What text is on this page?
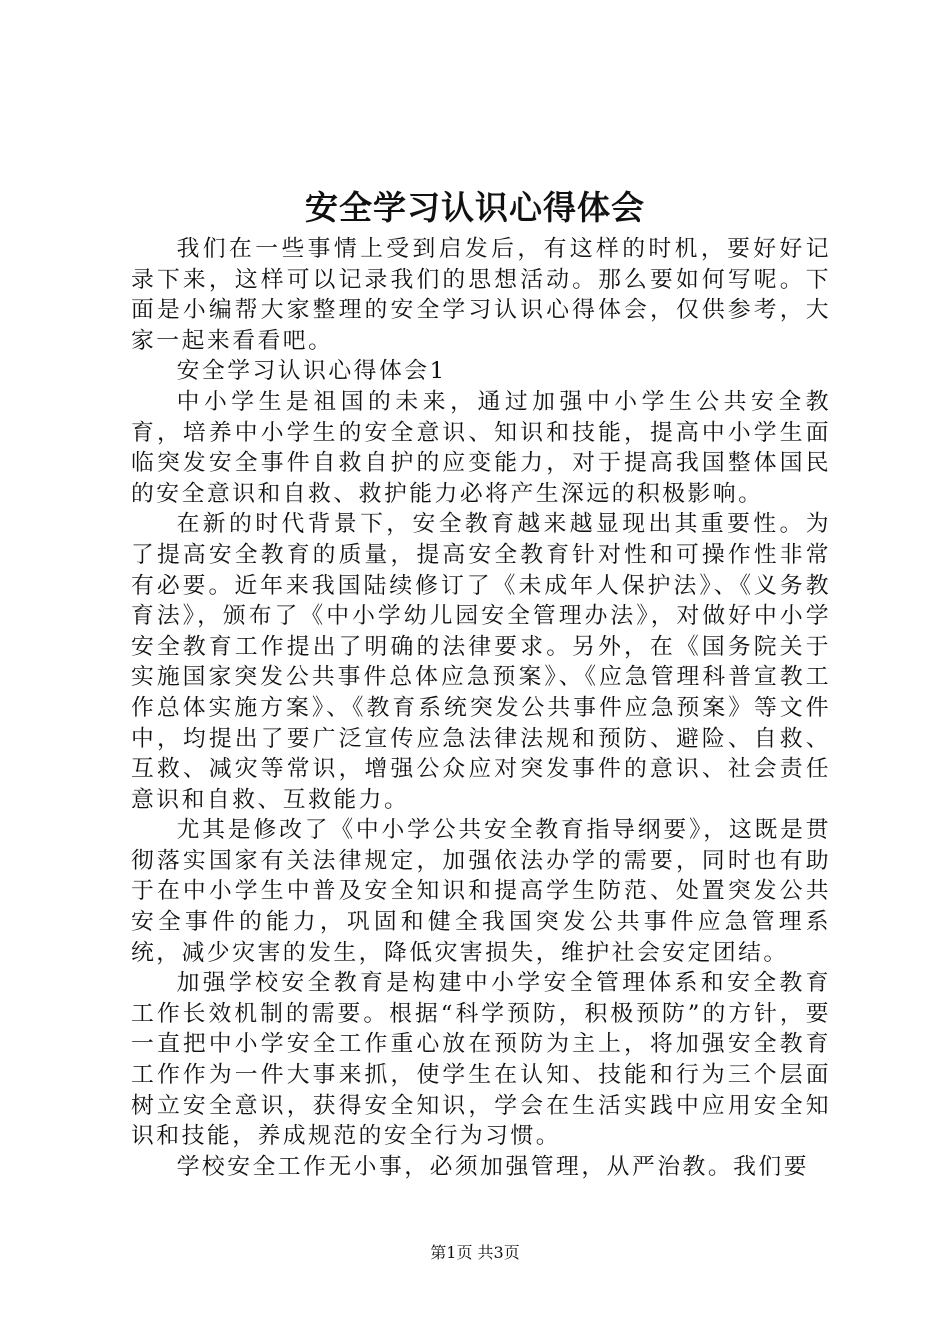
安全学习认识心得体会

我们在一些事情上受到启发后，有这样的时机，要好好记录下来，这样可以记录我们的思想活动。那么要如何写呢。下面是小编帮大家整理的安全学习认识心得体会，仅供参考，大家一起来看看吧。

安全学习认识心得体会1

中小学生是祖国的未来，通过加强中小学生公共安全教育，培养中小学生的安全意识、知识和技能，提高中小学生面临突发安全事件自救自护的应变能力，对于提高我国整体国民的安全意识和自救、救护能力必将产生深远的积极影响。

在新的时代背景下，安全教育越来越显现出其重要性。为了提高安全教育的质量，提高安全教育针对性和可操作性非常有必要。近年来我国陆续修订了《未成年人保护法》、《义务教育法》，颁布了《中小学幼儿园安全管理办法》，对做好中小学安全教育工作提出了明确的法律要求。另外，在《国务院关于实施国家突发公共事件总体应急预案》、《应急管理科普宣教工作总体实施方案》、《教育系统突发公共事件应急预案》等文件中，均提出了要广泛宣传应急法律法规和预防、避险、自救、互救、减灾等常识，增强公众应对突发事件的意识、社会责任意识和自救、互救能力。

尤其是修改了《中小学公共安全教育指导纲要》，这既是贯彻落实国家有关法律规定，加强依法办学的需要，同时也有助于在中小学生中普及安全知识和提高学生防范、处置突发公共安全事件的能力，巩固和健全我国突发公共事件应急管理系统，减少灾害的发生，降低灾害损失，维护社会安定团结。

加强学校安全教育是构建中小学安全管理体系和安全教育工作长效机制的需要。根据“科学预防，积极预防”的方针，要一直把中小学安全工作重心放在预防为主上，将加强安全教育工作作为一件大事来抓，使学生在认知、技能和行为三个层面树立安全意识，获得安全知识，学会在生活实践中应用安全知识和技能，养成规范的安全行为习惯。

学校安全工作无小事，必须加强管理，从严治教。我们要

第1页 共3页
